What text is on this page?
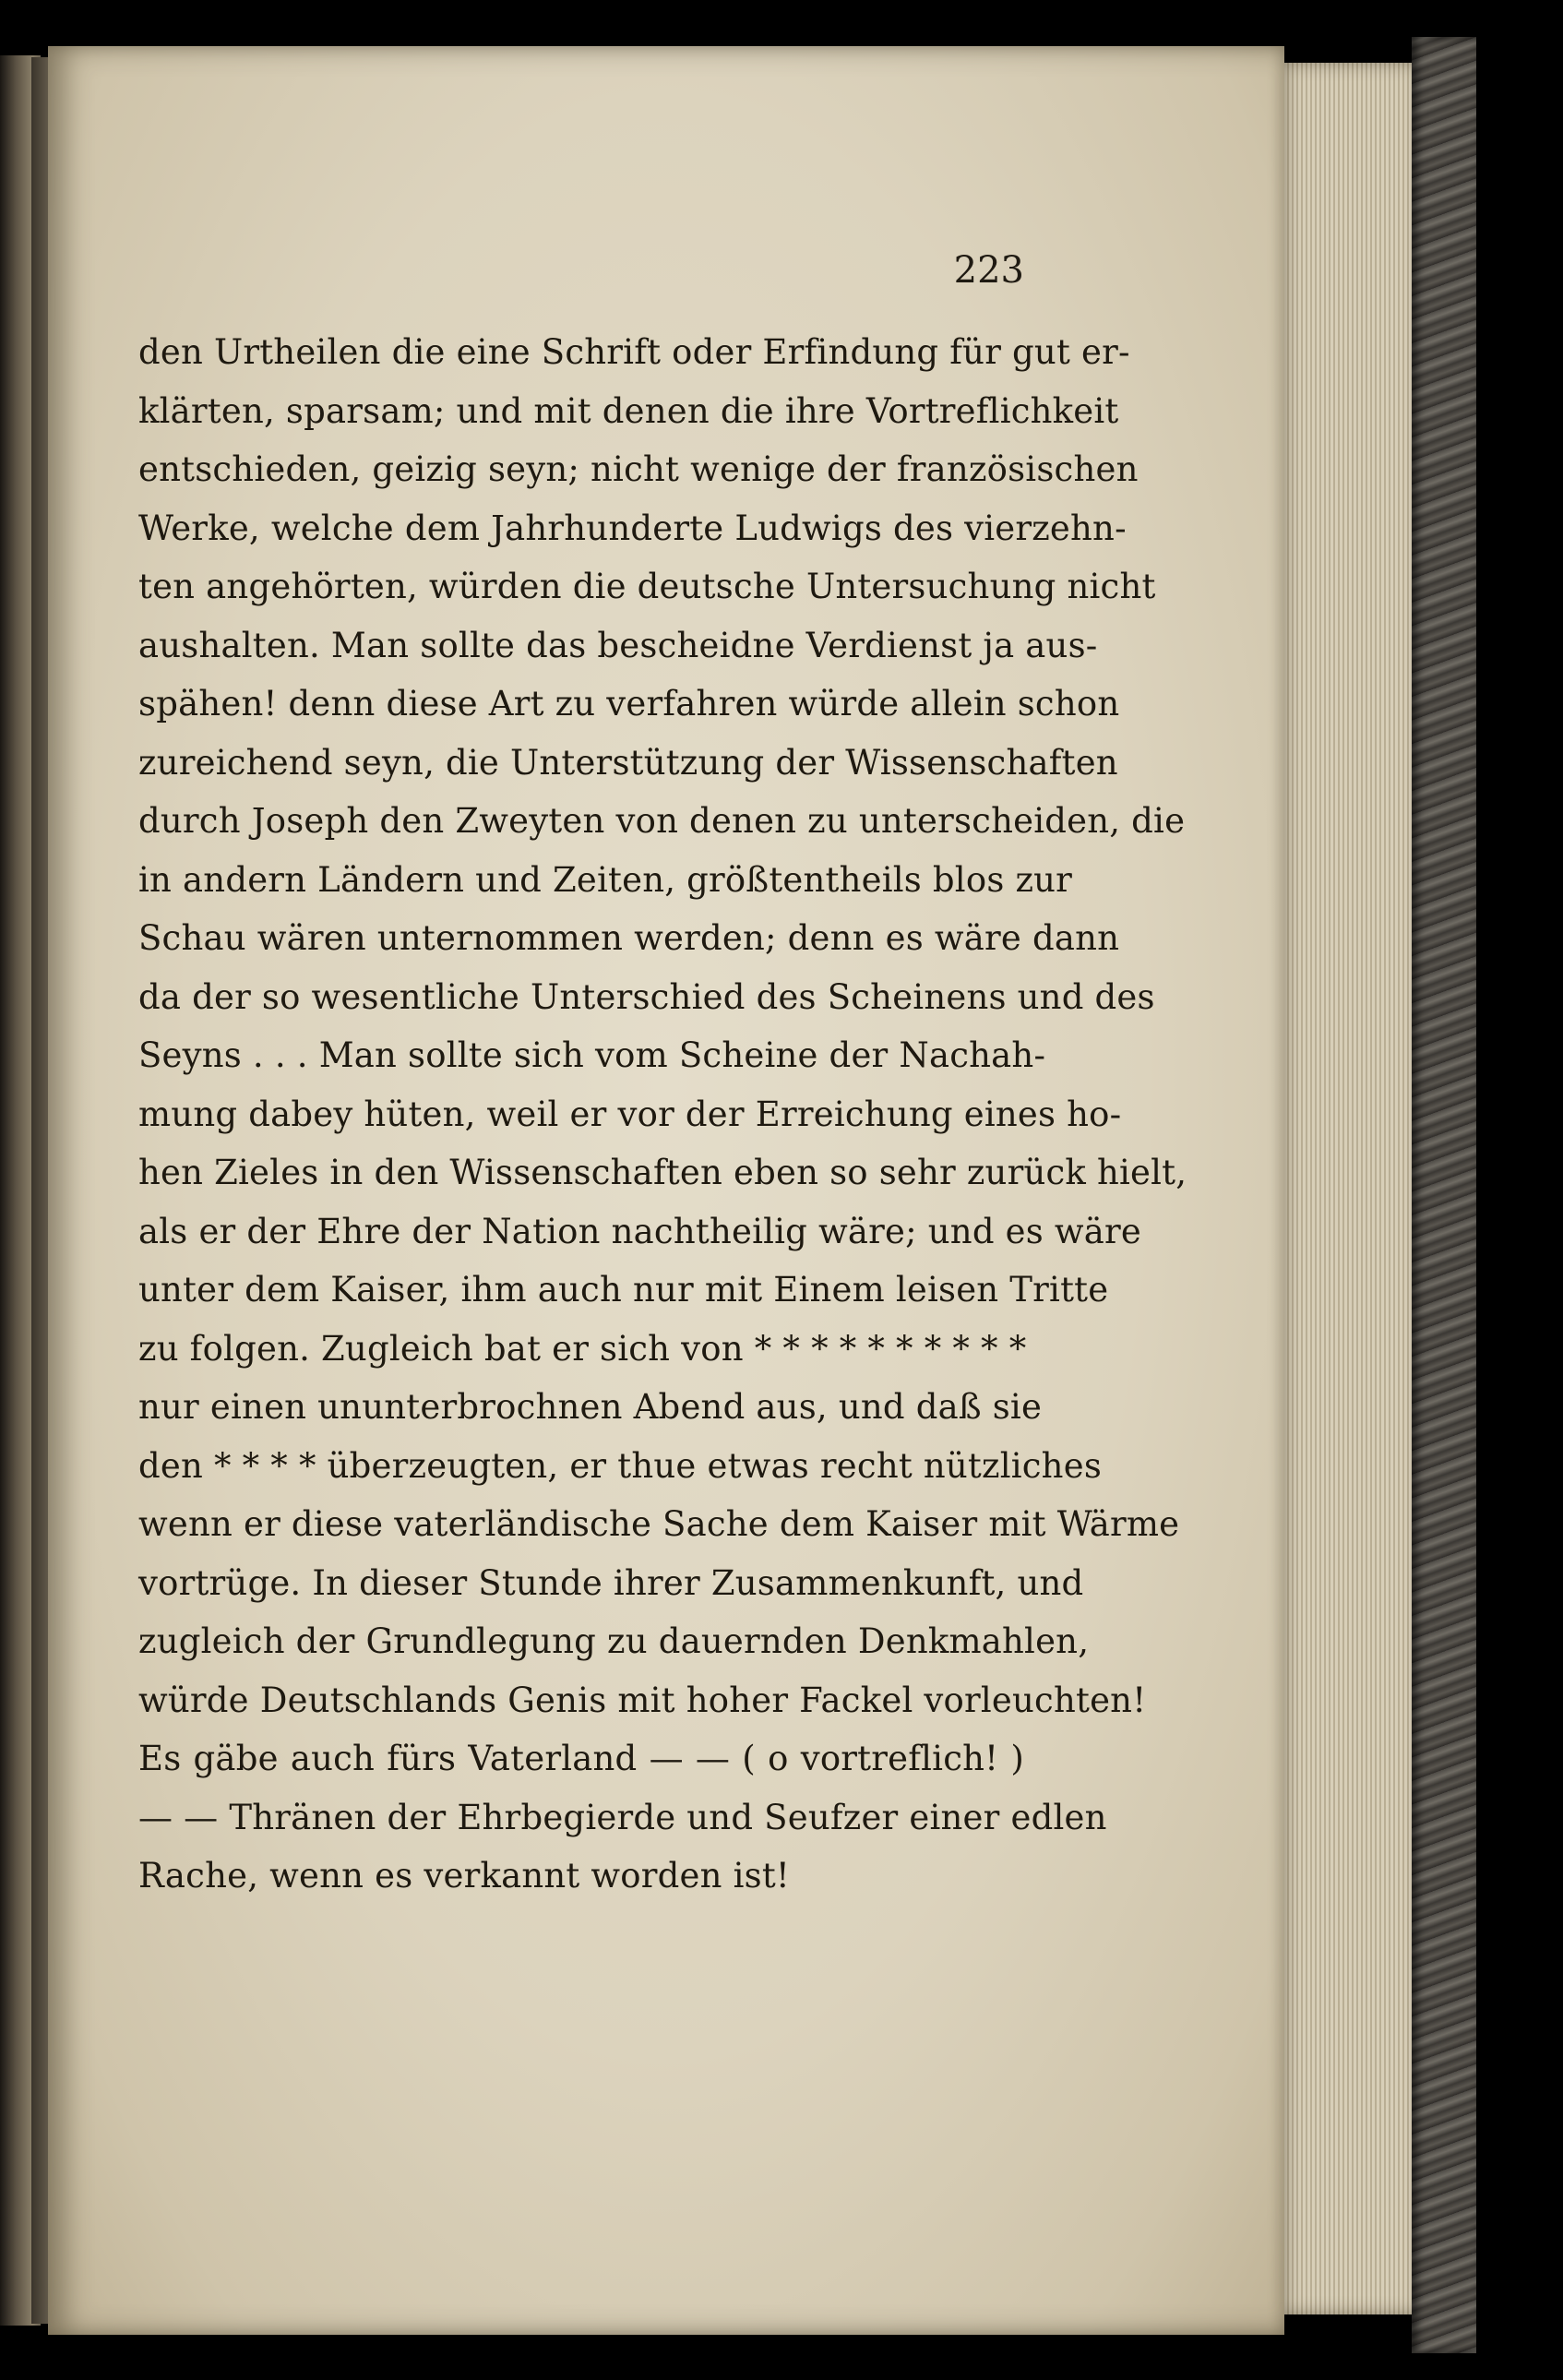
223
den Urtheilen die eine Schrift oder Erfindung für gut er-
klärten, sparsam; und mit denen die ihre Vortreflichkeit
entschieden, geizig seyn; nicht wenige der französischen
Werke, welche dem Jahrhunderte Ludwigs des vierzehn-
ten angehörten, würden die deutsche Untersuchung nicht
aushalten. Man sollte das bescheidne Verdienst ja aus-
spähen! denn diese Art zu verfahren würde allein schon
zureichend seyn, die Unterstützung der Wissenschaften
durch Joseph den Zweyten von denen zu unterscheiden, die
in andern Ländern und Zeiten, größtentheils blos zur
Schau wären unternommen werden; denn es wäre dann
da der so wesentliche Unterschied des Scheinens und des
Seyns . . . Man sollte sich vom Scheine der Nachah-
mung dabey hüten, weil er vor der Erreichung eines ho-
hen Zieles in den Wissenschaften eben so sehr zurück hielt,
als er der Ehre der Nation nachtheilig wäre; und es wäre
unter dem Kaiser, ihm auch nur mit Einem leisen Tritte
zu folgen. Zugleich bat er sich von * * * * * * * * * *
nur einen ununterbrochnen Abend aus, und daß sie
den * * * * überzeugten, er thue etwas recht nützliches
wenn er diese vaterländische Sache dem Kaiser mit Wärme
vortrüge. In dieser Stunde ihrer Zusammenkunft, und
zugleich der Grundlegung zu dauernden Denkmahlen,
würde Deutschlands Genis mit hoher Fackel vorleuchten!
Es gäbe auch fürs Vaterland — — ( o vortreflich! )
— — Thränen der Ehrbegierde und Seufzer einer edlen
Rache, wenn es verkannt worden ist!
